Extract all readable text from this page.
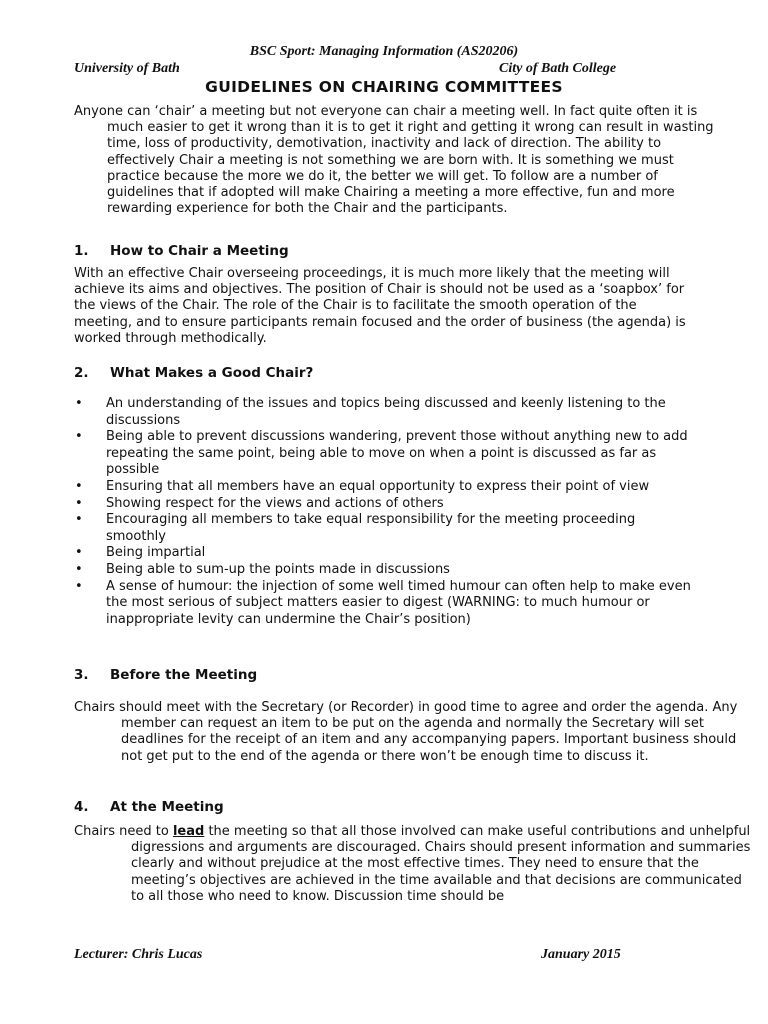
BSC Sport: Managing Information (AS20206)
University of Bath	City of Bath College
GUIDELINES ON CHAIRING COMMITTEES
Anyone can ‘chair’ a meeting but not everyone can chair a meeting well. In fact quite often it is much easier to get it wrong than it is to get it right and getting it wrong can result in wasting time, loss of productivity, demotivation, inactivity and lack of direction. The ability to effectively Chair a meeting is not something we are born with. It is something we must practice because the more we do it, the better we will get. To follow are a number of guidelines that if adopted will make Chairing a meeting a more effective, fun and more rewarding experience for both the Chair and the participants.
1. How to Chair a Meeting
With an effective Chair overseeing proceedings, it is much more likely that the meeting will achieve its aims and objectives. The position of Chair is should not be used as a ‘soapbox’ for the views of the Chair. The role of the Chair is to facilitate the smooth operation of the meeting, and to ensure participants remain focused and the order of business (the agenda) is worked through methodically.
2. What Makes a Good Chair?
• An understanding of the issues and topics being discussed and keenly listening to the discussions
• Being able to prevent discussions wandering, prevent those without anything new to add repeating the same point, being able to move on when a point is discussed as far as possible
• Ensuring that all members have an equal opportunity to express their point of view
• Showing respect for the views and actions of others
• Encouraging all members to take equal responsibility for the meeting proceeding smoothly
• Being impartial
• Being able to sum-up the points made in discussions
• A sense of humour: the injection of some well timed humour can often help to make even the most serious of subject matters easier to digest (WARNING: to much humour or inappropriate levity can undermine the Chair’s position)
3. Before the Meeting
Chairs should meet with the Secretary (or Recorder) in good time to agree and order the agenda. Any member can request an item to be put on the agenda and normally the Secretary will set deadlines for the receipt of an item and any accompanying papers. Important business should not get put to the end of the agenda or there won’t be enough time to discuss it.
4. At the Meeting
Chairs need to lead the meeting so that all those involved can make useful contributions and unhelpful digressions and arguments are discouraged. Chairs should present information and summaries clearly and without prejudice at the most effective times. They need to ensure that the meeting’s objectives are achieved in the time available and that decisions are communicated to all those who need to know. Discussion time should be
Lecturer: Chris Lucas	January 2015
